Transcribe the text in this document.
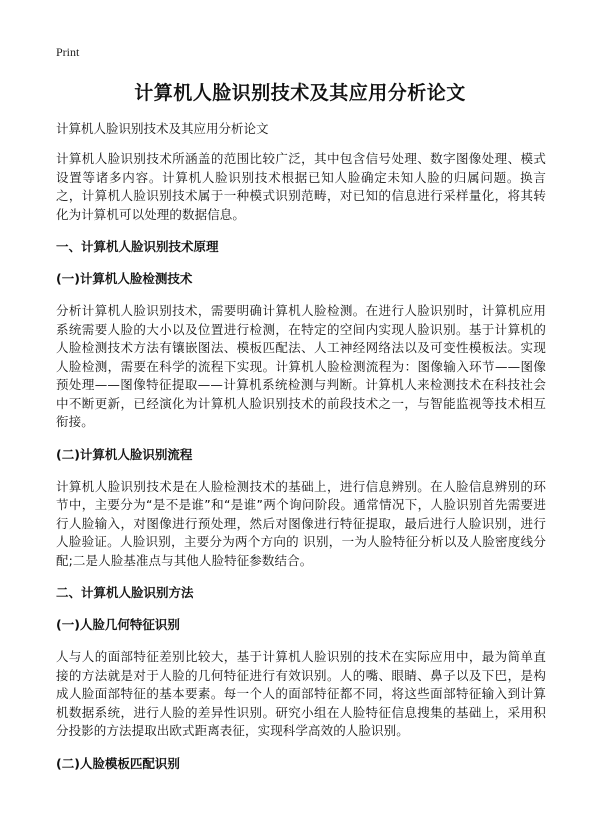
Print
计算机人脸识别技术及其应用分析论文
计算机人脸识别技术及其应用分析论文

计算机人脸识别技术所涵盖的范围比较广泛，其中包含信号处理、数字图像处理、模式设置等诸多内容。计算机人脸识别技术根据已知人脸确定未知人脸的归属问题。换言之，计算机人脸识别技术属于一种模式识别范畴，对已知的信息进行采样量化，将其转化为计算机可以处理的数据信息。

一、计算机人脸识别技术原理
(一)计算机人脸检测技术

分析计算机人脸识别技术，需要明确计算机人脸检测。在进行人脸识别时，计算机应用系统需要人脸的大小以及位置进行检测，在特定的空间内实现人脸识别。基于计算机的人脸检测技术方法有镶嵌图法、模板匹配法、人工神经网络法以及可变性模板法。实现人脸检测，需要在科学的流程下实现。计算机人脸检测流程为：图像输入环节——图像预处理——图像特征提取——计算机系统检测与判断。计算机人来检测技术在科技社会中不断更新，已经演化为计算机人脸识别技术的前段技术之一，与智能监视等技术相互衔接。

(二)计算机人脸识别流程

计算机人脸识别技术是在人脸检测技术的基础上，进行信息辨别。在人脸信息辨别的环节中，主要分为“是不是谁”和“是谁”两个询问阶段。通常情况下，人脸识别首先需要进行人脸输入，对图像进行预处理，然后对图像进行特征提取，最后进行人脸识别，进行人脸验证。人脸识别，主要分为两个方向的 识别，一为人脸特征分析以及人脸密度线分配;二是人脸基准点与其他人脸特征参数结合。

二、计算机人脸识别方法
(一)人脸几何特征识别

人与人的面部特征差别比较大，基于计算机人脸识别的技术在实际应用中，最为简单直接的方法就是对于人脸的几何特征进行有效识别。人的嘴、眼睛、鼻子以及下巴，是构成人脸面部特征的基本要素。每一个人的面部特征都不同，将这些面部特征输入到计算机数据系统，进行人脸的差异性识别。研究小组在人脸特征信息搜集的基础上，采用积分投影的方法提取出欧式距离表征，实现科学高效的人脸识别。

(二)人脸模板匹配识别
